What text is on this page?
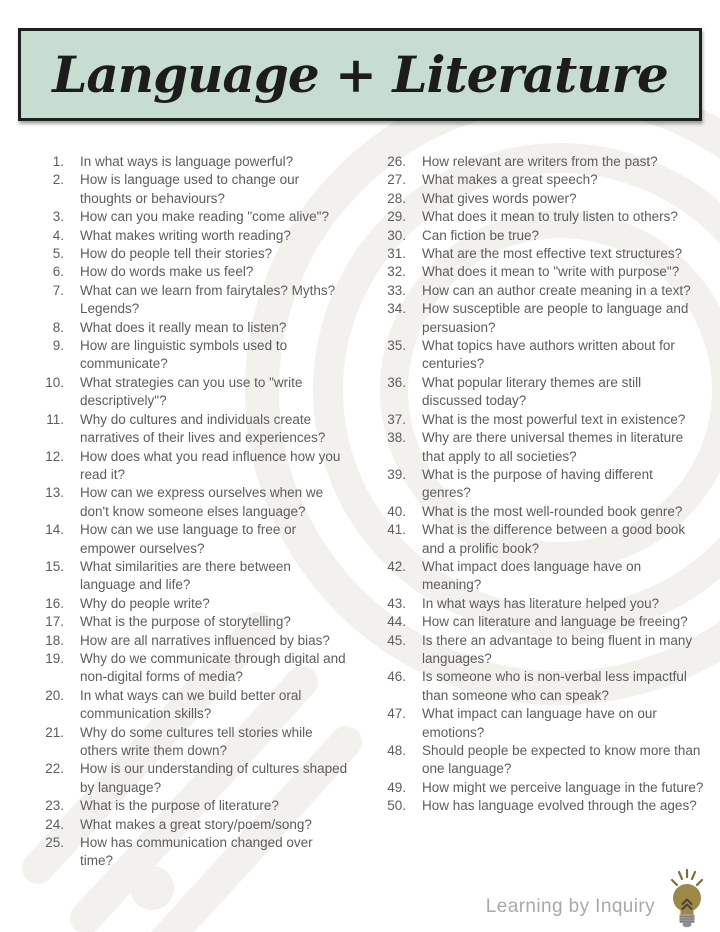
Language + Literature
1. In what ways is language powerful?
2. How is language used to change our thoughts or behaviours?
3. How can you make reading "come alive"?
4. What makes writing worth reading?
5. How do people tell their stories?
6. How do words make us feel?
7. What can we learn from fairytales? Myths? Legends?
8. What does it really mean to listen?
9. How are linguistic symbols used to communicate?
10. What strategies can you use to "write descriptively"?
11. Why do cultures and individuals create narratives of their lives and experiences?
12. How does what you read influence how you read it?
13. How can we express ourselves when we don't know someone elses language?
14. How can we use language to free or empower ourselves?
15. What similarities are there between language and life?
16. Why do people write?
17. What is the purpose of storytelling?
18. How are all narratives influenced by bias?
19. Why do we communicate through digital and non-digital forms of media?
20. In what ways can we build better oral communication skills?
21. Why do some cultures tell stories while others write them down?
22. How is our understanding of cultures shaped by language?
23. What is the purpose of literature?
24. What makes a great story/poem/song?
25. How has communication changed over time?
26. How relevant are writers from the past?
27. What makes a great speech?
28. What gives words power?
29. What does it mean to truly listen to others?
30. Can fiction be true?
31. What are the most effective text structures?
32. What does it mean to "write with purpose"?
33. How can an author create meaning in a text?
34. How susceptible are people to language and persuasion?
35. What topics have authors written about for centuries?
36. What popular literary themes are still discussed today?
37. What is the most powerful text in existence?
38. Why are there universal themes in literature that apply to all societies?
39. What is the purpose of having different genres?
40. What is the most well-rounded book genre?
41. What is the difference between a good book and a prolific book?
42. What impact does language have on meaning?
43. In what ways has literature helped you?
44. How can literature and language be freeing?
45. Is there an advantage to being fluent in many languages?
46. Is someone who is non-verbal less impactful than someone who can speak?
47. What impact can language have on our emotions?
48. Should people be expected to know more than one language?
49. How might we perceive language in the future?
50. How has language evolved through the ages?
Learning by Inquiry
